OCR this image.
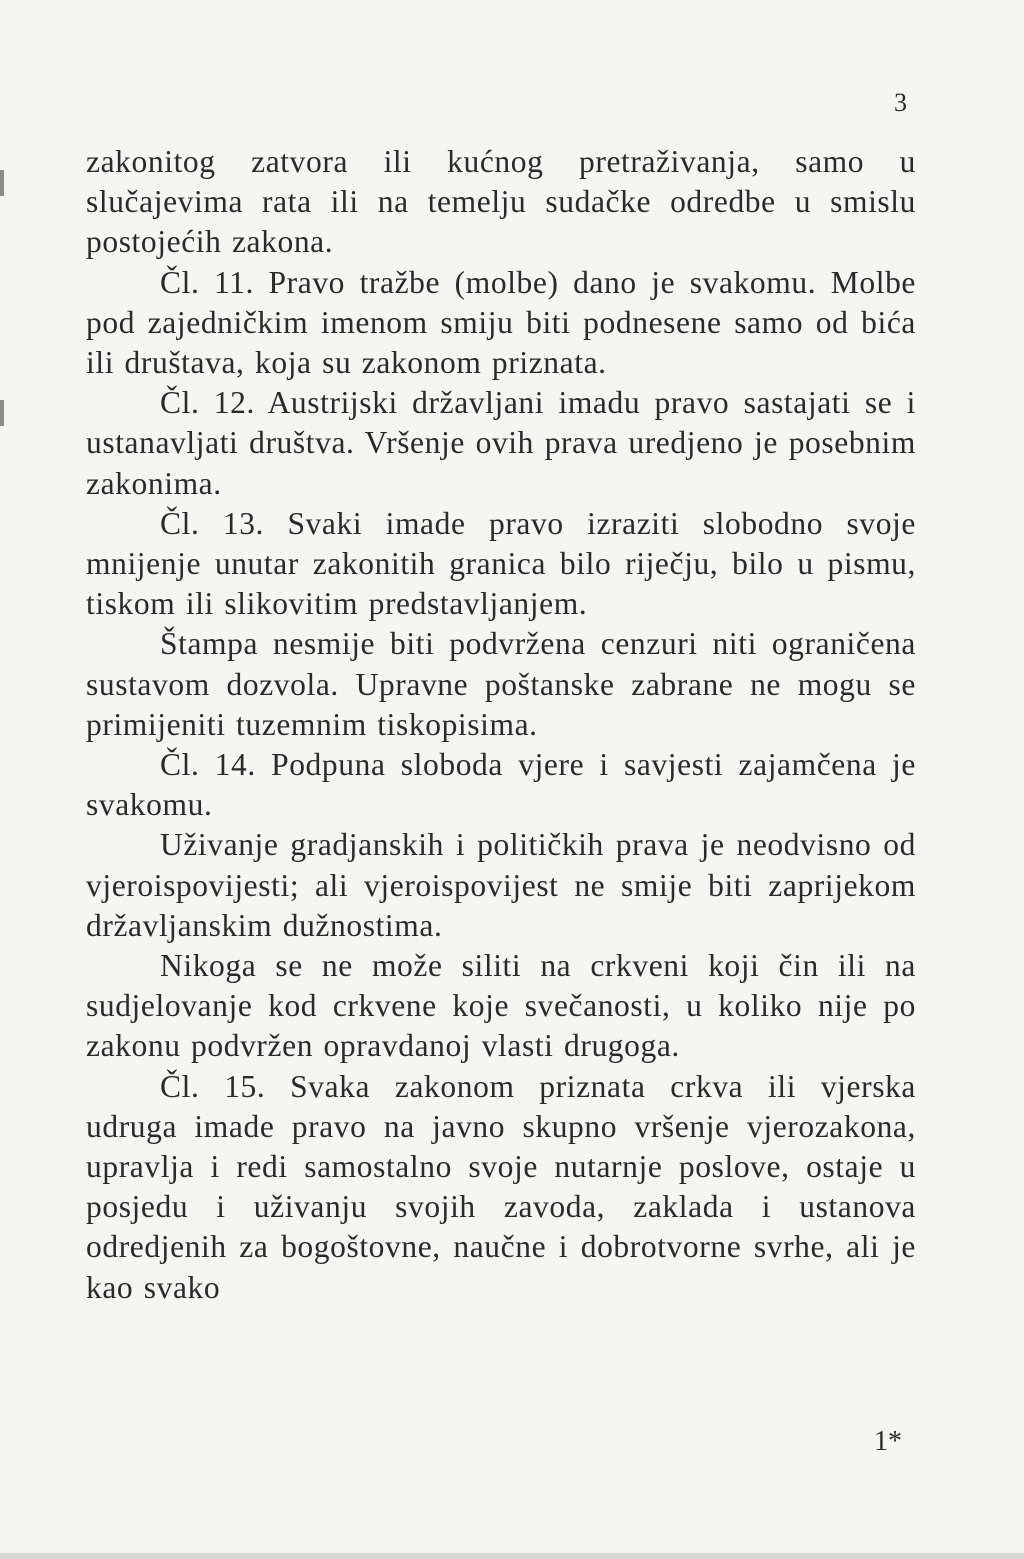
3

zakonitog zatvora ili kućnog pretraživanja, samo u slučajevima rata ili na temelju sudačke odredbe u smislu postojećih zakona.

Čl. 11. Pravo tražbe (molbe) dano je svakomu. Molbe pod zajedničkim imenom smiju biti podnesene samo od bića ili društava, koja su zakonom priznata.

Čl. 12. Austrijski državljani imadu pravo sastajati se i ustanavljati društva. Vršenje ovih prava uredjeno je posebnim zakonima.

Čl. 13. Svaki imade pravo izraziti slobodno svoje mnijenje unutar zakonitih granica bilo riječju, bilo u pismu, tiskom ili slikovitim predstavljanjem.

Štampa nesmije biti podvržena cenzuri niti ograničena sustavom dozvola. Upravne poštanske zabrane ne mogu se primijeniti tuzemnim tiskopisima.

Čl. 14. Podpuna sloboda vjere i savjesti zajamčena je svakomu.

Uživanje gradjanskih i političkih prava je neodvisno od vjeroispovijesti; ali vjeroispovijest ne smije biti zaprijekom državljanskim dužnostima.

Nikoga se ne može siliti na crkveni koji čin ili na sudjelovanje kod crkvene koje svečanosti, u koliko nije po zakonu podvržen opravdanoj vlasti drugoga.

Čl. 15. Svaka zakonom priznata crkva ili vjerska udruga imade pravo na javno skupno vršenje vjerozakona, upravlja i redi samostalno svoje nutarnje poslove, ostaje u posjedu i uživanju svojih zavoda, zaklada i ustanova odredjenih za bogoštovne, naučne i dobrotvorne svrhe, ali je kao svako

1*
